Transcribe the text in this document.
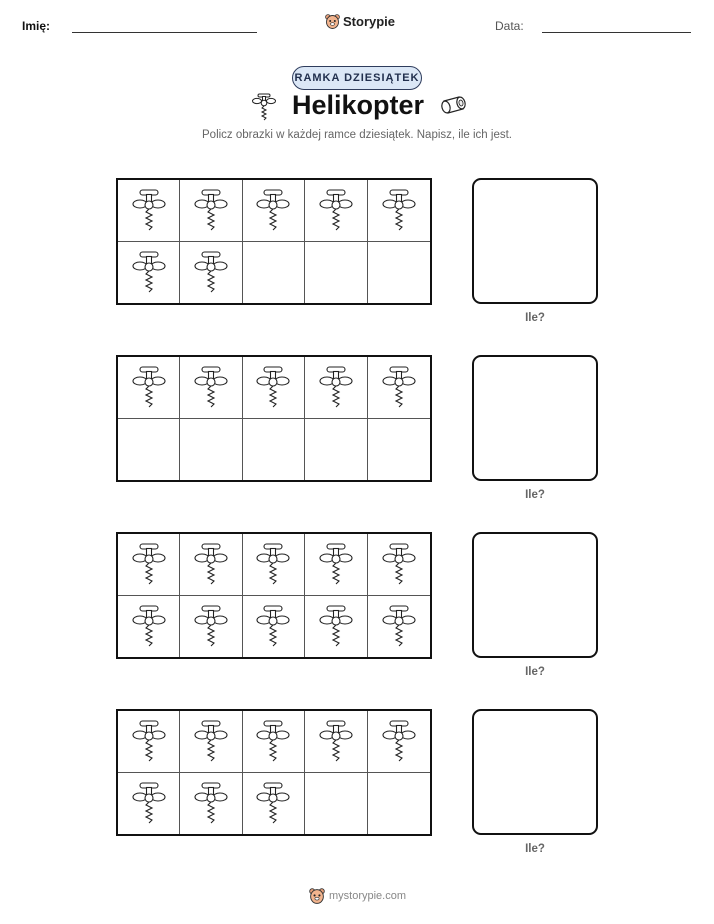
Imię:	Storypie	Data:
RAMKA DZIESIĄTEK
Helikopter
Policz obrazki w każdej ramce dziesiątek. Napisz, ile ich jest.
Ile?
Ile?
Ile?
Ile?
mystorypie.com
